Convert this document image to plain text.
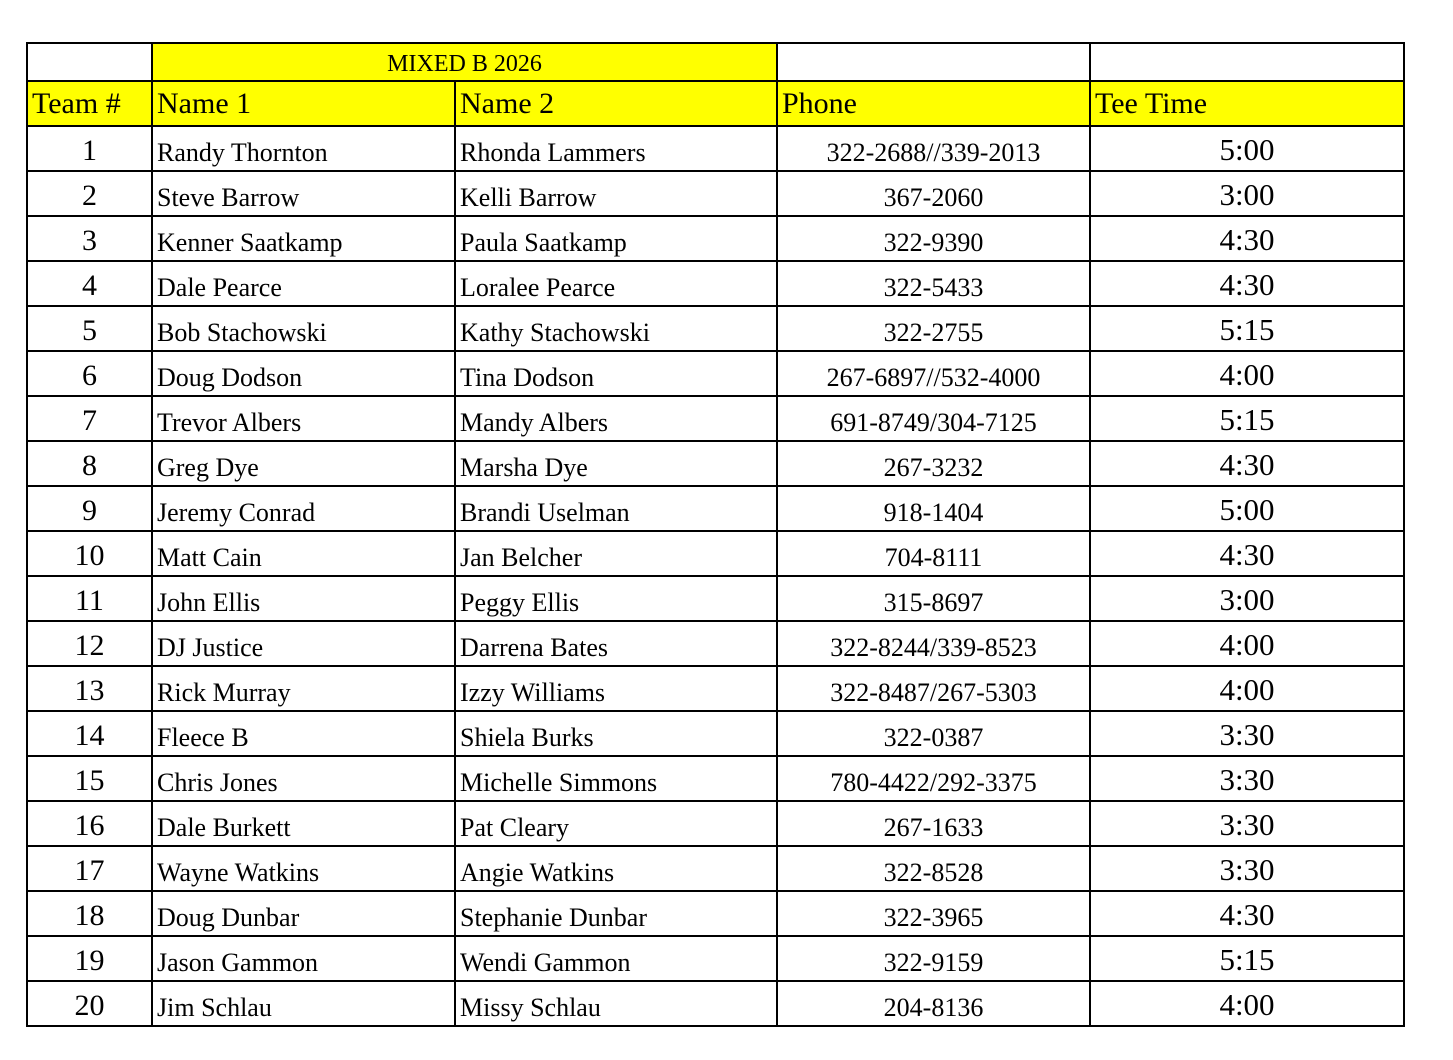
	MIXED B 2026			
Team #	Name 1	Name 2	Phone	Tee Time
1	Randy Thornton	Rhonda Lammers	322-2688//339-2013	5:00
2	Steve Barrow	Kelli Barrow	367-2060	3:00
3	Kenner Saatkamp	Paula Saatkamp	322-9390	4:30
4	Dale Pearce	Loralee Pearce	322-5433	4:30
5	Bob Stachowski	Kathy Stachowski	322-2755	5:15
6	Doug Dodson	Tina Dodson	267-6897//532-4000	4:00
7	Trevor Albers	Mandy Albers	691-8749/304-7125	5:15
8	Greg Dye	Marsha Dye	267-3232	4:30
9	Jeremy Conrad	Brandi Uselman	918-1404	5:00
10	Matt Cain	Jan Belcher	704-8111	4:30
11	John Ellis	Peggy Ellis	315-8697	3:00
12	DJ Justice	Darrena Bates	322-8244/339-8523	4:00
13	Rick Murray	Izzy Williams	322-8487/267-5303	4:00
14	Fleece B	Shiela Burks	322-0387	3:30
15	Chris Jones	Michelle Simmons	780-4422/292-3375	3:30
16	Dale Burkett	Pat Cleary	267-1633	3:30
17	Wayne Watkins	Angie Watkins	322-8528	3:30
18	Doug Dunbar	Stephanie Dunbar	322-3965	4:30
19	Jason Gammon	Wendi Gammon	322-9159	5:15
20	Jim Schlau	Missy Schlau	204-8136	4:00
